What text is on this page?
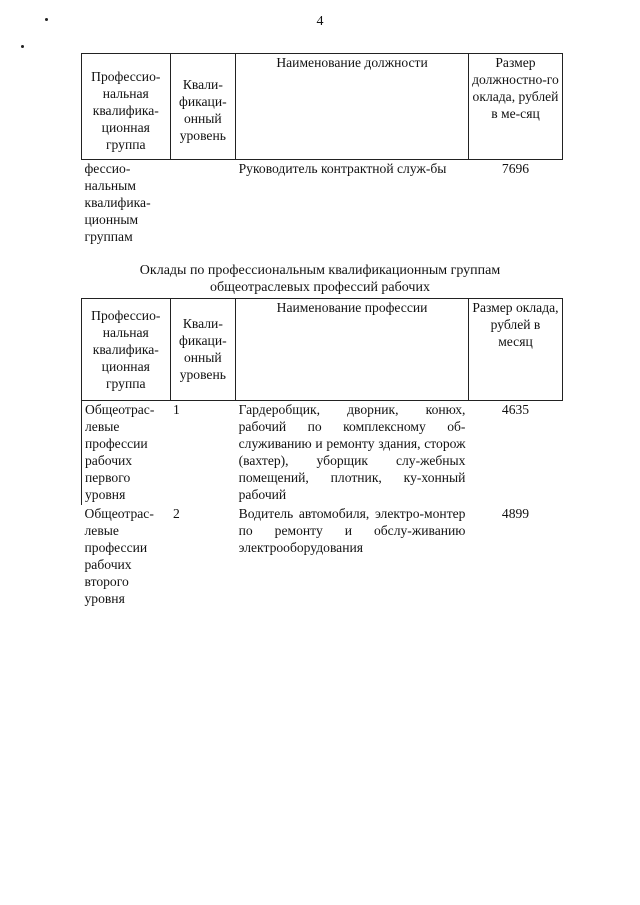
4
Профессио-нальная квалифика-ционная группа	Квали-фикаци-онный уровень	Наименование должности	Размер должностно-го оклада, рублей в ме-сяц
фессио-нальным квалифика-ционным группам		Руководитель контрактной служ-бы	7696
Оклады по профессиональным квалификационным группам
общеотраслевых профессий рабочих
Профессио-нальная квалифика-ционная группа	Квали-фикаци-онный уровень	Наименование профессии	Размер оклада, рублей в месяц
Общеотрас-левые профессии рабочих первого уровня	1	Гардеробщик, дворник, конюх, рабочий по комплексному об-служиванию и ремонту здания, сторож (вахтер), уборщик слу-жебных помещений, плотник, ку-хонный рабочий	4635
Общеотрас-левые профессии рабочих второго уровня	2	Водитель автомобиля, электро-монтер по ремонту и обслу-живанию электрооборудования	4899
